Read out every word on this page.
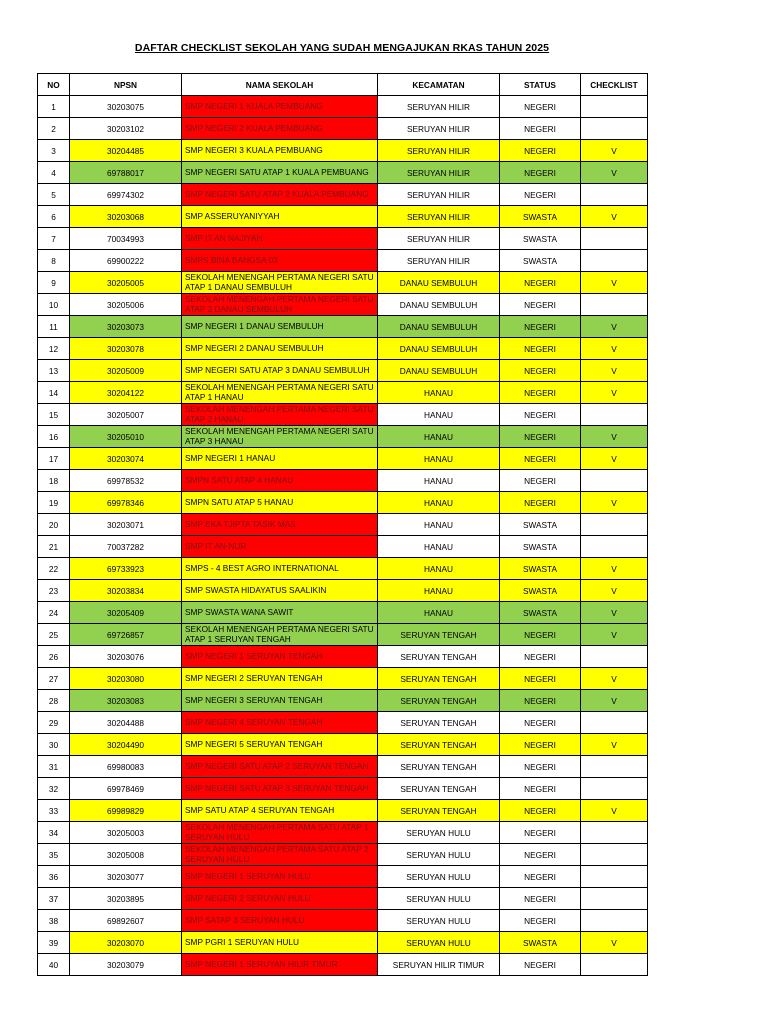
DAFTAR CHECKLIST SEKOLAH YANG SUDAH MENGAJUKAN RKAS TAHUN 2025
NO	NPSN	NAMA SEKOLAH	KECAMATAN	STATUS	CHECKLIST
1	30203075	SMP NEGERI 1 KUALA PEMBUANG	SERUYAN HILIR	NEGERI	
2	30203102	SMP NEGERI 2 KUALA PEMBUANG	SERUYAN HILIR	NEGERI	
3	30204485	SMP NEGERI 3 KUALA PEMBUANG	SERUYAN HILIR	NEGERI	V
4	69788017	SMP NEGERI SATU ATAP 1 KUALA PEMBUANG	SERUYAN HILIR	NEGERI	V
5	69974302	SMP NEGERI SATU ATAP 2 KUALA PEMBUANG	SERUYAN HILIR	NEGERI	
6	30203068	SMP ASSERUYANIYYAH	SERUYAN HILIR	SWASTA	V
7	70034993	SMP IT AN NAJIYAH	SERUYAN HILIR	SWASTA	
8	69900222	SMPS BINA BANGSA 03	SERUYAN HILIR	SWASTA	
9	30205005	SEKOLAH MENENGAH PERTAMA NEGERI SATU ATAP 1 DANAU SEMBULUH	DANAU SEMBULUH	NEGERI	V
10	30205006	SEKOLAH MENENGAH PERTAMA NEGERI SATU ATAP 2 DANAU SEMBULUH	DANAU SEMBULUH	NEGERI	
11	30203073	SMP NEGERI 1 DANAU SEMBULUH	DANAU SEMBULUH	NEGERI	V
12	30203078	SMP NEGERI 2 DANAU SEMBULUH	DANAU SEMBULUH	NEGERI	V
13	30205009	SMP NEGERI SATU ATAP 3 DANAU SEMBULUH	DANAU SEMBULUH	NEGERI	V
14	30204122	SEKOLAH MENENGAH PERTAMA NEGERI SATU ATAP 1 HANAU	HANAU	NEGERI	V
15	30205007	SEKOLAH MENENGAH PERTAMA NEGERI SATU ATAP 2 HANAU	HANAU	NEGERI	
16	30205010	SEKOLAH MENENGAH PERTAMA NEGERI SATU ATAP 3 HANAU	HANAU	NEGERI	V
17	30203074	SMP NEGERI 1 HANAU	HANAU	NEGERI	V
18	69978532	SMPN SATU ATAP 4 HANAU	HANAU	NEGERI	
19	69978346	SMPN SATU ATAP 5 HANAU	HANAU	NEGERI	V
20	30203071	SMP EKA TJIPTA TASIK MAS	HANAU	SWASTA	
21	70037282	SMP IT AN-NUR	HANAU	SWASTA	
22	69733923	SMPS - 4 BEST AGRO INTERNATIONAL	HANAU	SWASTA	V
23	30203834	SMP SWASTA HIDAYATUS SAALIKIN	HANAU	SWASTA	V
24	30205409	SMP SWASTA WANA SAWIT	HANAU	SWASTA	V
25	69726857	SEKOLAH MENENGAH PERTAMA NEGERI SATU ATAP 1 SERUYAN TENGAH	SERUYAN TENGAH	NEGERI	V
26	30203076	SMP NEGERI 1 SERUYAN TENGAH	SERUYAN TENGAH	NEGERI	
27	30203080	SMP NEGERI 2 SERUYAN TENGAH	SERUYAN TENGAH	NEGERI	V
28	30203083	SMP NEGERI 3 SERUYAN TENGAH	SERUYAN TENGAH	NEGERI	V
29	30204488	SMP NEGERI 4 SERUYAN TENGAH	SERUYAN TENGAH	NEGERI	
30	30204490	SMP NEGERI 5 SERUYAN TENGAH	SERUYAN TENGAH	NEGERI	V
31	69980083	SMP NEGERI SATU ATAP 2 SERUYAN TENGAH	SERUYAN TENGAH	NEGERI	
32	69978469	SMP NEGERI SATU ATAP 3 SERUYAN TENGAH	SERUYAN TENGAH	NEGERI	
33	69989829	SMP SATU ATAP 4 SERUYAN TENGAH	SERUYAN TENGAH	NEGERI	V
34	30205003	SEKOLAH MENENGAH PERTAMA SATU ATAP 1 SERUYAN HULU	SERUYAN HULU	NEGERI	
35	30205008	SEKOLAH MENENGAH PERTAMA SATU ATAP 2 SERUYAN HULU	SERUYAN HULU	NEGERI	
36	30203077	SMP NEGERI 1 SERUYAN HULU	SERUYAN HULU	NEGERI	
37	30203895	SMP NEGERI 2 SERUYAN HULU	SERUYAN HULU	NEGERI	
38	69892607	SMP SATAP 3 SERUYAN HULU	SERUYAN HULU	NEGERI	
39	30203070	SMP PGRI 1 SERUYAN HULU	SERUYAN HULU	SWASTA	V
40	30203079	SMP NEGERI 1 SERUYAN HILIR TIMUR	SERUYAN HILIR TIMUR	NEGERI	
